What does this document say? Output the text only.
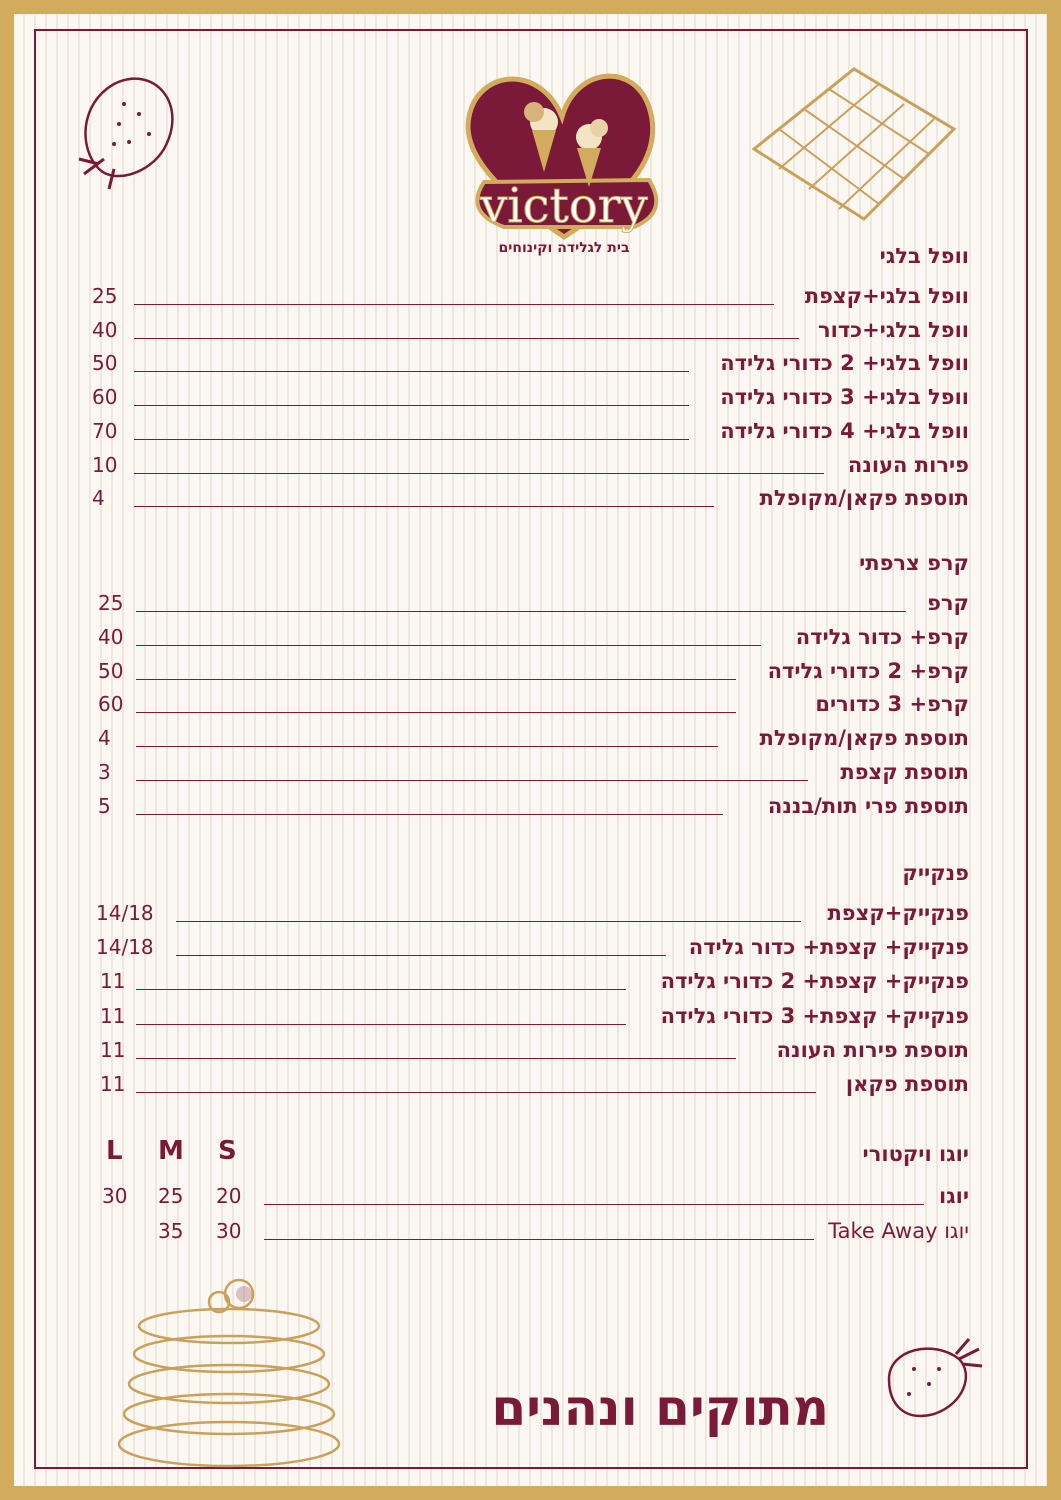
victory
בית לגלידה וקינוחים	וופל בלגי
וופל בלגי+קצפת
25
וופל בלגי+כדור
40
וופל בלגי+ 2 כדורי גלידה
50
וופל בלגי+ 3 כדורי גלידה
60
וופל בלגי+ 4 כדורי גלידה
70
פירות העונה
10
תוספת פקאן/מקופלת
4
קרפ צרפתי
קרפ
25
קרפ+ כדור גלידה
40
קרפ+ 2 כדורי גלידה
50
קרפ+ 3 כדורים
60
תוספת פקאן/מקופלת
4
תוספת קצפת
3
תוספת פרי תות/בננה
5
פנקייק
פנקייק+קצפת
14/18
פנקייק+ קצפת+ כדור גלידה
14/18
פנקייק+ קצפת+ 2 כדורי גלידה
11
פנקייק+ קצפת+ 3 כדורי גלידה
11
תוספת פירות העונה
11
תוספת פקאן
11
יוגו ויקטורי
S
M
L
יוגו
20
25
30
יוגו Take Away
30
35
מתוקים ונהנים
